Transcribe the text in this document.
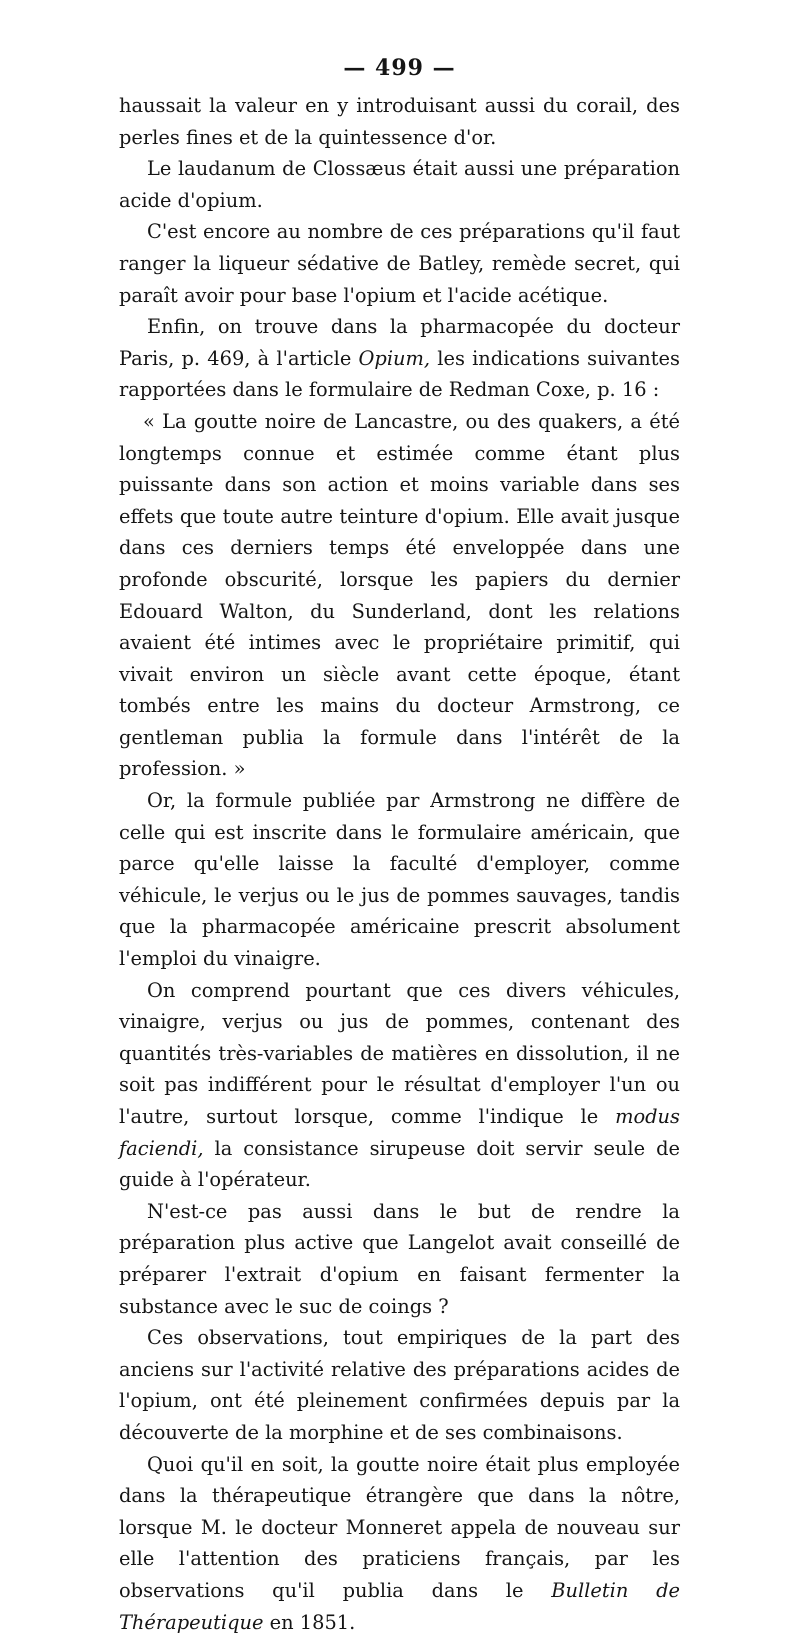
— 499 —

haussait la valeur en y introduisant aussi du corail, des perles fines et de la quintessence d'or.

Le laudanum de Clossæus était aussi une préparation acide d'opium.

C'est encore au nombre de ces préparations qu'il faut ranger la liqueur sédative de Batley, remède secret, qui paraît avoir pour base l'opium et l'acide acétique.

Enfin, on trouve dans la pharmacopée du docteur Paris, p. 469, à l'article Opium, les indications suivantes rapportées dans le formulaire de Redman Coxe, p. 16 :

« La goutte noire de Lancastre, ou des quakers, a été longtemps connue et estimée comme étant plus puissante dans son action et moins variable dans ses effets que toute autre teinture d'opium. Elle avait jusque dans ces derniers temps été enveloppée dans une profonde obscurité, lorsque les papiers du dernier Edouard Walton, du Sunderland, dont les relations avaient été intimes avec le propriétaire primitif, qui vivait environ un siècle avant cette époque, étant tombés entre les mains du docteur Armstrong, ce gentleman publia la formule dans l'intérêt de la profession. »

Or, la formule publiée par Armstrong ne diffère de celle qui est inscrite dans le formulaire américain, que parce qu'elle laisse la faculté d'employer, comme véhicule, le verjus ou le jus de pommes sauvages, tandis que la pharmacopée américaine prescrit absolument l'emploi du vinaigre.

On comprend pourtant que ces divers véhicules, vinaigre, verjus ou jus de pommes, contenant des quantités très-variables de matières en dissolution, il ne soit pas indifférent pour le résultat d'employer l'un ou l'autre, surtout lorsque, comme l'indique le modus faciendi, la consistance sirupeuse doit servir seule de guide à l'opérateur.

N'est-ce pas aussi dans le but de rendre la préparation plus active que Langelot avait conseillé de préparer l'extrait d'opium en faisant fermenter la substance avec le suc de coings ?

Ces observations, tout empiriques de la part des anciens sur l'activité relative des préparations acides de l'opium, ont été pleinement confirmées depuis par la découverte de la morphine et de ses combinaisons.

Quoi qu'il en soit, la goutte noire était plus employée dans la thérapeutique étrangère que dans la nôtre, lorsque M. le docteur Monneret appela de nouveau sur elle l'attention des praticiens français, par les observations qu'il publia dans le Bulletin de Thérapeutique en 1851.
